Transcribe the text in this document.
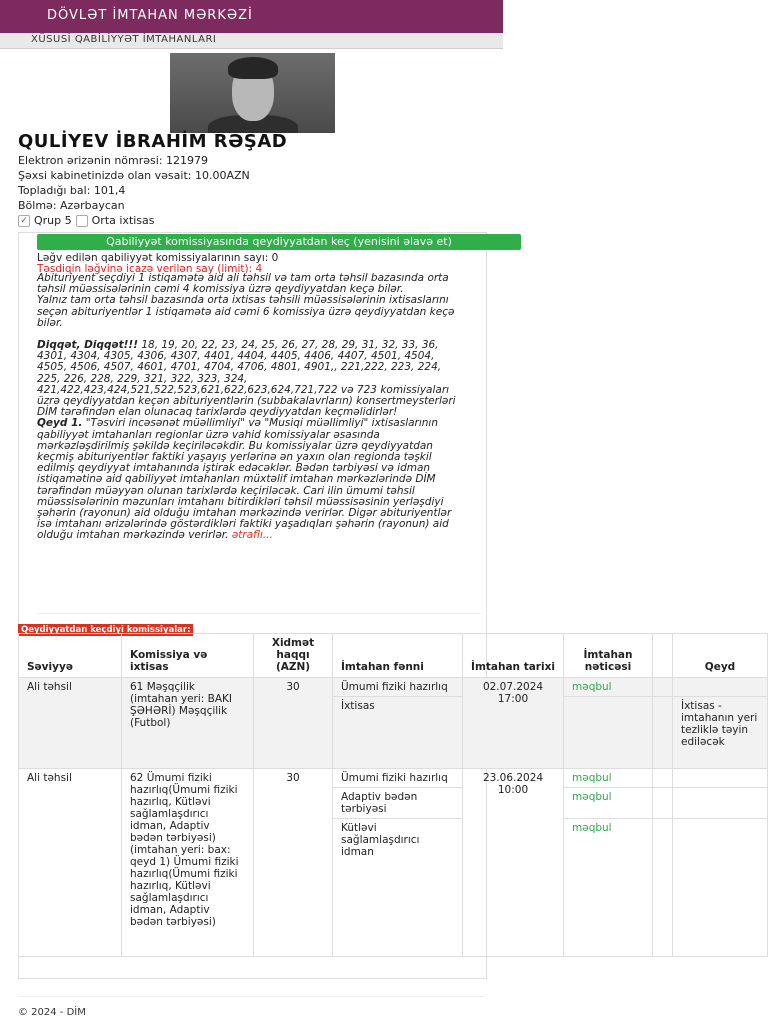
DÖVLƏT İMTAHAN MƏRKƏZİ
XÜSUSİ QABİLİYYƏT İMTAHANLARI
QULİYEV İBRAHİM RƏŞAD
Elektron ərizənin nömrəsi: 121979
Şəxsi kabinetinizdə olan vəsait: 10.00AZN
Topladığı bal: 101,4
Bölmə: Azərbaycan
✓ Qrup 5 Orta ixtisas
Qabiliyyət komissiyasında qeydiyyatdan keç (yenisini əlavə et)
Ləğv edilən qabiliyyət komissiyalarının sayı: 0
Təsdiqin ləğvinə icazə verilən say (limit): 4

Abituriyent seçdiyi 1 istiqamətə aid ali təhsil və tam orta təhsil bazasında orta təhsil müəssisələrinin cəmi 4 komissiya üzrə qeydiyyatdan keçə bilər.
Yalnız tam orta təhsil bazasında orta ixtisas təhsili müəssisələrinin ixtisaslarını seçən abituriyentlər 1 istiqamətə aid cəmi 6 komissiya üzrə qeydiyyatdan keçə bilər.

Diqqət, Diqqət!!! 18, 19, 20, 22, 23, 24, 25, 26, 27, 28, 29, 31, 32, 33, 36, 4301, 4304, 4305, 4306, 4307, 4401, 4404, 4405, 4406, 4407, 4501, 4504, 4505, 4506, 4507, 4601, 4701, 4704, 4706, 4801, 4901,, 221,222, 223, 224, 225, 226, 228, 229, 321, 322, 323, 324, 421,422,423,424,521,522,523,621,622,623,624,721,722 və 723 komissiyaları üzrə qeydiyyatdan keçən abituriyentlərin (subbakalavrların) konsertmeysterləri DİM tərəfindən elan olunacaq tarixlərdə qeydiyyatdan keçməlidirlər!
Qeyd 1. "Təsviri incəsənət müəllimliyi" və "Musiqi müəllimliyi" ixtisaslarının qabiliyyət imtahanları regionlar üzrə vahid komissiyalar əsasında mərkəzləşdirilmiş şəkildə keçiriləcəkdir. Bu komissiyalar üzrə qeydiyyatdan keçmiş abituriyentlər faktiki yaşayış yerlərinə ən yaxın olan regionda təşkil edilmiş qeydiyyat imtahanında iştirak edəcəklər. Bədən tərbiyəsi və idman istiqamətinə aid qabiliyyət imtahanları müxtəlif imtahan mərkəzlərində DİM tərəfindən müəyyən olunan tarixlərdə keçiriləcək. Cari ilin ümumi təhsil müəssisələrinin məzunları imtahanı bitirdikləri təhsil müəssisəsinin yerləşdiyi şəhərin (rayonun) aid olduğu imtahan mərkəzində verirlər. Digər abituriyentlər isə imtahanı ərizələrində göstərdikləri faktiki yaşadıqları şəhərin (rayonun) aid olduğu imtahan mərkəzində verirlər. ətraflı...

Qeydiyyatdan keçdiyi komissiyalar:
Səviyyə	Komissiya və ixtisas	Xidmət haqqı (AZN)	İmtahan fənni	İmtahan tarixi	İmtahan nəticəsi		Qeyd
Ali təhsil	61 Məşqçilik (imtahan yeri: BAKI ŞƏHƏRİ) Məşqçilik (Futbol)	30	Ümumi fiziki hazırlıq	02.07.2024 17:00	məqbul		
			İxtisas				İxtisas - imtahanın yeri tezliklə təyin ediləcək
Ali təhsil	62 Ümumi fiziki hazırlıq(Ümumi fiziki hazırlıq, Kütləvi sağlamlaşdırıcı idman, Adaptiv bədən tərbiyəsi) (imtahan yeri: bax: qeyd 1) Ümumi fiziki hazırlıq(Ümumi fiziki hazırlıq, Kütləvi sağlamlaşdırıcı idman, Adaptiv bədən tərbiyəsi)	30	Ümumi fiziki hazırlıq	23.06.2024 10:00	məqbul		
			Adaptiv bədən tərbiyəsi		məqbul		
			Kütləvi sağlamlaşdırıcı idman		məqbul		
© 2024 - DİM
